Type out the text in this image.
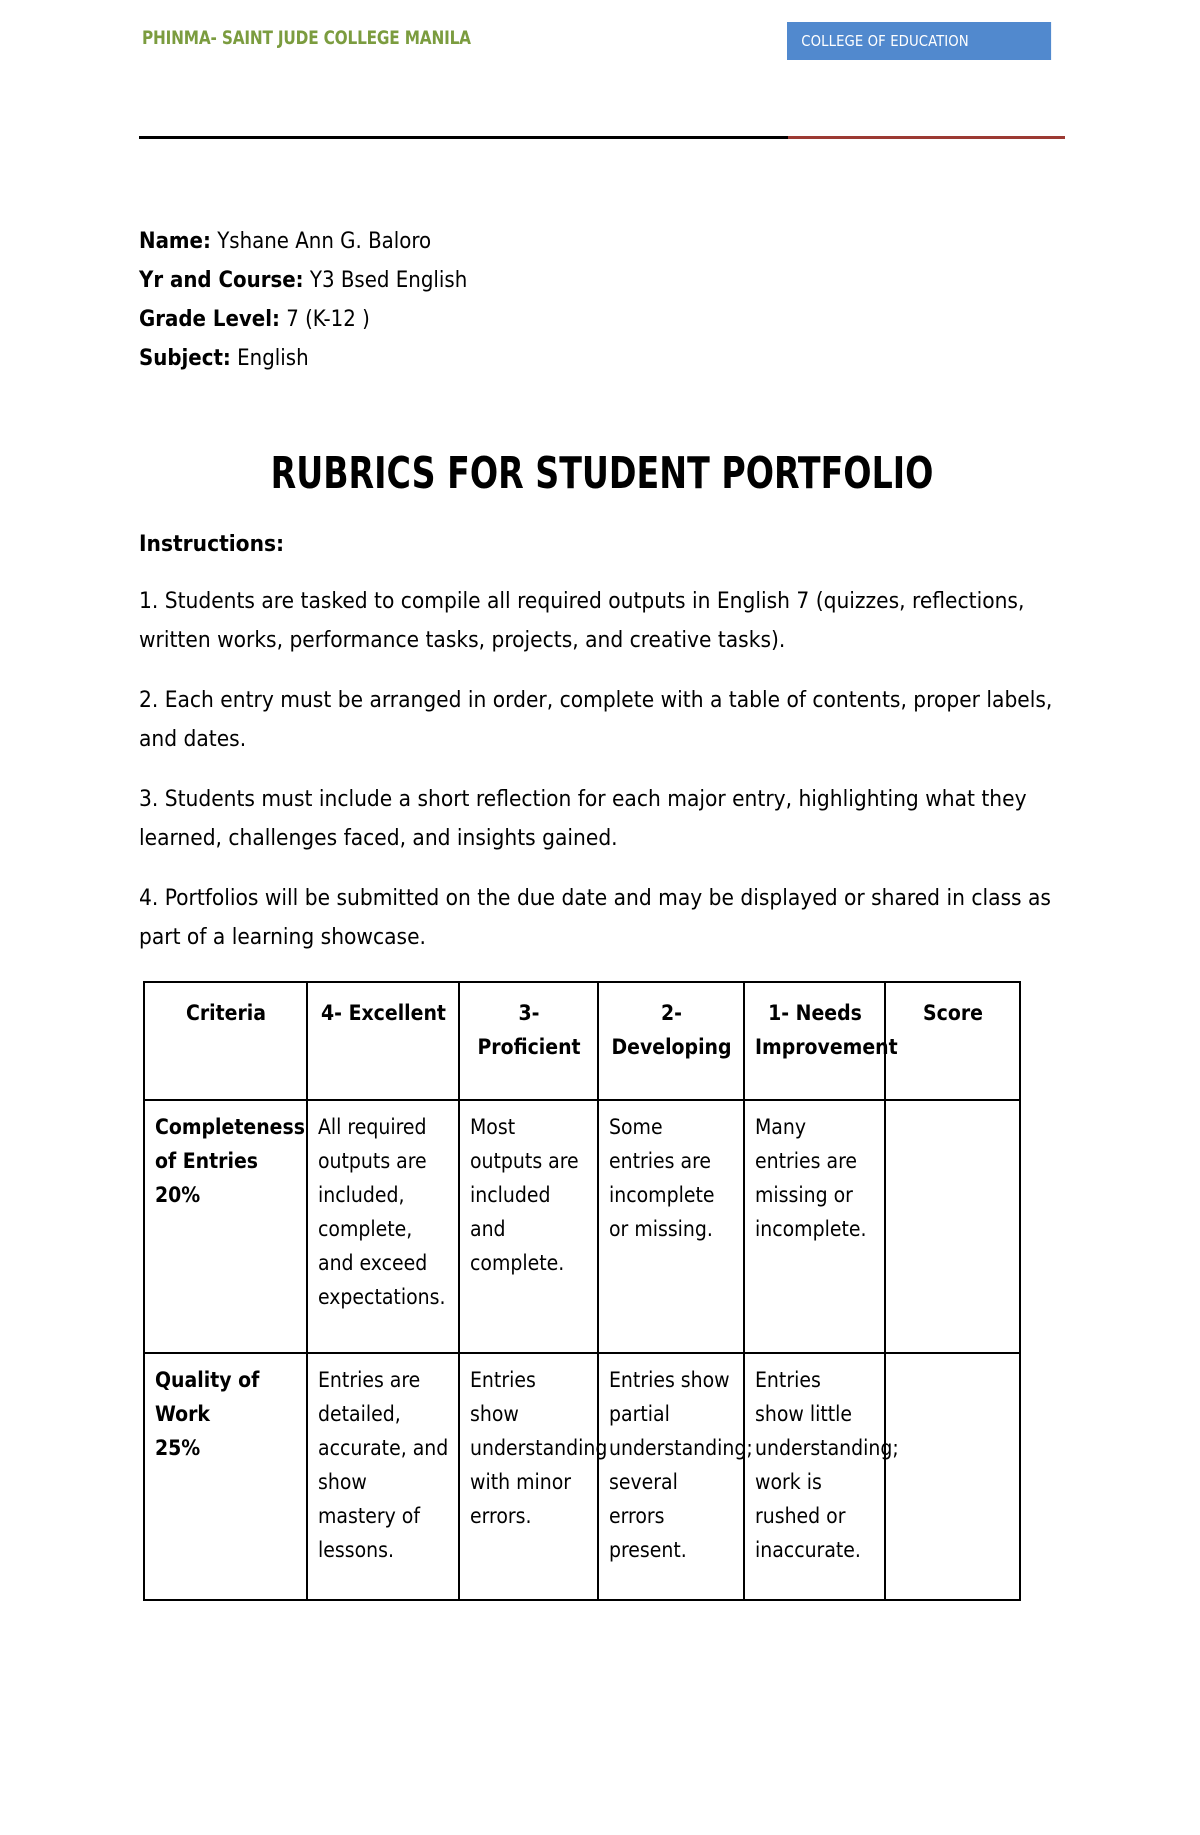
PHINMA- SAINT JUDE COLLEGE MANILA	COLLEGE OF EDUCATION
Name: Yshane Ann G. Baloro
Yr and Course: Y3 Bsed English
Grade Level: 7 (K-12 )
Subject: English
RUBRICS FOR STUDENT PORTFOLIO
Instructions:

1. Students are tasked to compile all required outputs in English 7 (quizzes, reflections, written works, performance tasks, projects, and creative tasks).

2. Each entry must be arranged in order, complete with a table of contents, proper labels, and dates.

3. Students must include a short reflection for each major entry, highlighting what they learned, challenges faced, and insights gained.

4. Portfolios will be submitted on the due date and may be displayed or shared in class as part of a learning showcase.

Criteria	4- Excellent	3- Proficient	2- Developing	1- Needs Improvement	Score

Completeness of Entries
20%	All required outputs are included, complete, and exceed expectations.	Most outputs are included and complete.	Some entries are incomplete or missing.	Many entries are missing or incomplete.	

Quality of Work
25%	Entries are detailed, accurate, and show mastery of lessons.	Entries show understanding with minor errors.	Entries show partial understanding; several errors present.	Entries show little understanding; work is rushed or inaccurate.	
